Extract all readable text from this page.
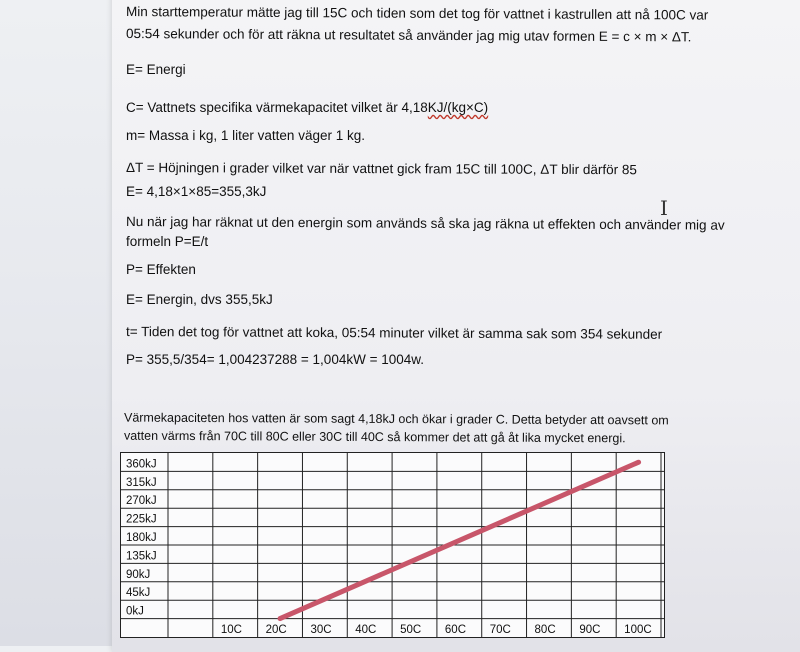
Min starttemperatur mätte jag till 15C och tiden som det tog för vattnet i kastrullen att nå 100C var
05:54 sekunder och för att räkna ut resultatet så använder jag mig utav formen E = c × m × ΔT.
E= Energi
C= Vattnets specifika värmekapacitet vilket är 4,18KJ/(kg×C)
m= Massa i kg, 1 liter vatten väger 1 kg.
ΔT = Höjningen i grader vilket var när vattnet gick fram 15C till 100C, ΔT blir därför 85
E= 4,18×1×85=355,3kJ
Nu när jag har räknat ut den energin som används så ska jag räkna ut effekten och använder mig av
formeln P=E/t
P= Effekten
E= Energin, dvs 355,5kJ
t= Tiden det tog för vattnet att koka, 05:54 minuter vilket är samma sak som 354 sekunder
P= 355,5/354= 1,004237288 = 1,004kW = 1004w.
Värmekapaciteten hos vatten är som sagt 4,18kJ och ökar i grader C. Detta betyder att oavsett om
vatten värms från 70C till 80C eller 30C till 40C så kommer det att gå åt lika mycket energi.
I
360kJ
315kJ
270kJ
225kJ
180kJ
135kJ
90kJ
45kJ
0kJ
10C 20C 30C 40C 50C 60C 70C 80C 90C 100C
